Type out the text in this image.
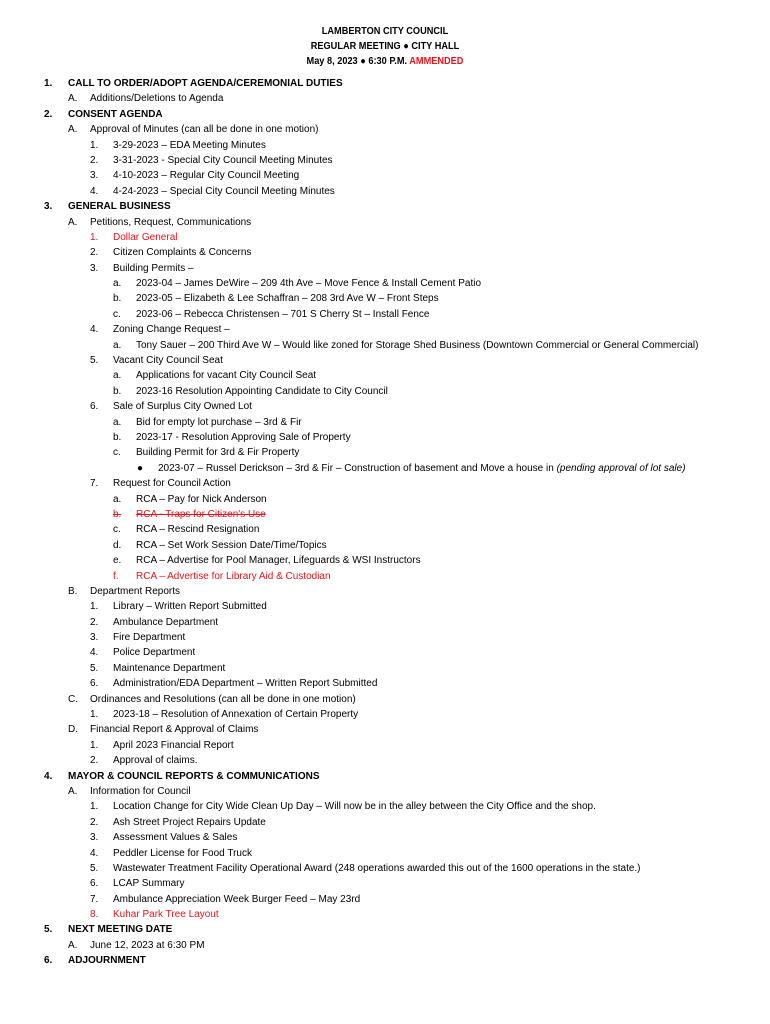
LAMBERTON CITY COUNCIL
REGULAR MEETING ● CITY HALL
May 8, 2023 ● 6:30 P.M. AMMENDED
1. CALL TO ORDER/ADOPT AGENDA/CEREMONIAL DUTIES
A. Additions/Deletions to Agenda
2. CONSENT AGENDA
A. Approval of Minutes (can all be done in one motion)
1. 3-29-2023 – EDA Meeting Minutes
2. 3-31-2023 - Special City Council Meeting Minutes
3. 4-10-2023 – Regular City Council Meeting
4. 4-24-2023 – Special City Council Meeting Minutes
3. GENERAL BUSINESS
A. Petitions, Request, Communications
1. Dollar General
2. Citizen Complaints & Concerns
3. Building Permits –
a. 2023-04 – James DeWire – 209 4th Ave – Move Fence & Install Cement Patio
b. 2023-05 – Elizabeth & Lee Schaffran – 208 3rd Ave W – Front Steps
c. 2023-06 – Rebecca Christensen – 701 S Cherry St – Install Fence
4. Zoning Change Request –
a. Tony Sauer – 200 Third Ave W – Would like zoned for Storage Shed Business (Downtown Commercial or General Commercial)
5. Vacant City Council Seat
a. Applications for vacant City Council Seat
b. 2023-16 Resolution Appointing Candidate to City Council
6. Sale of Surplus City Owned Lot
a. Bid for empty lot purchase – 3rd & Fir
b. 2023-17 - Resolution Approving Sale of Property
c. Building Permit for 3rd & Fir Property
● 2023-07 – Russel Derickson – 3rd & Fir – Construction of basement and Move a house in (pending approval of lot sale)
7. Request for Council Action
a. RCA – Pay for Nick Anderson
b. RCA - Traps for Citizen's Use
c. RCA – Rescind Resignation
d. RCA – Set Work Session Date/Time/Topics
e. RCA – Advertise for Pool Manager, Lifeguards & WSI Instructors
f. RCA – Advertise for Library Aid & Custodian
B. Department Reports
1. Library – Written Report Submitted
2. Ambulance Department
3. Fire Department
4. Police Department
5. Maintenance Department
6. Administration/EDA Department – Written Report Submitted
C. Ordinances and Resolutions (can all be done in one motion)
1. 2023-18 – Resolution of Annexation of Certain Property
D. Financial Report & Approval of Claims
1. April 2023 Financial Report
2. Approval of claims.
4. MAYOR & COUNCIL REPORTS & COMMUNICATIONS
A. Information for Council
1. Location Change for City Wide Clean Up Day – Will now be in the alley between the City Office and the shop.
2. Ash Street Project Repairs Update
3. Assessment Values & Sales
4. Peddler License for Food Truck
5. Wastewater Treatment Facility Operational Award (248 operations awarded this out of the 1600 operations in the state.)
6. LCAP Summary
7. Ambulance Appreciation Week Burger Feed – May 23rd
8. Kuhar Park Tree Layout
5. NEXT MEETING DATE
A. June 12, 2023 at 6:30 PM
6. ADJOURNMENT
